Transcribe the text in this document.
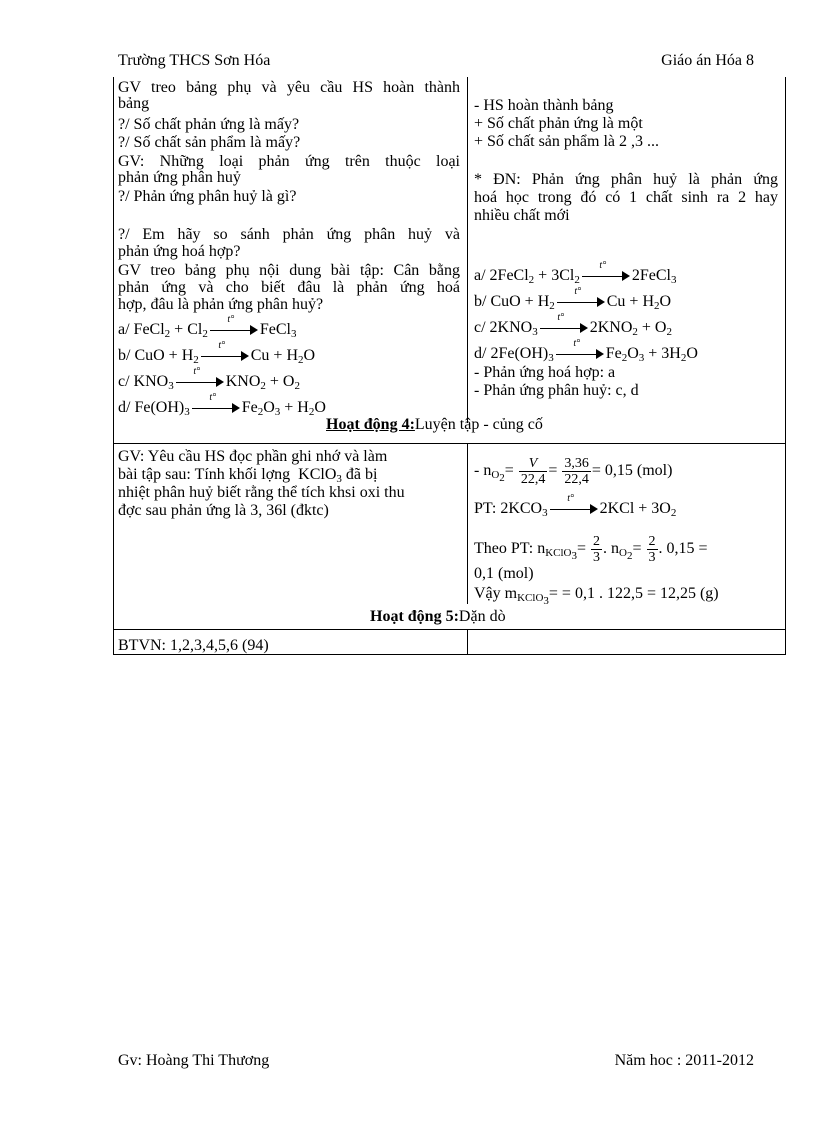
Trường THCS Sơn Hóa	Giáo án Hóa 8
GV treo bảng phụ và yêu cầu HS hoàn thành
bảng
?/ Số chất phản ứng là mấy?
?/ Số chất sản phẩm là mấy?
GV: Những loại phản ứng trên thuộc loại
phản ứng phân huỷ
?/ Phản ứng phân huỷ là gì?
?/ Em hãy so sánh phản ứng phân huỷ và
phản ứng hoá hợp?
GV treo bảng phụ nội dung bài tập: Cân bằng
phản ứng và cho biết đâu là phản ứng hoá
hợp, đâu là phản ứng phân huỷ?
a/ FeCl$_2$ + $Cl_2$
t°
FeCl$_3$
b/ CuO + $H_2$
t°
$Cu + H_2O$
c/ $KNO_3$
t°
$KNO_2 + O_2$
d/ $Fe(OH)_3$
t°
$Fe_2O_3 + H_2O$
- HS hoàn thành bảng
+ Số chất phản ứng là một
+ Số chất sản phẩm là 2 ,3 ...
* ĐN: Phản ứng phân huỷ là phản ứng
hoá học trong đó có 1 chất sinh ra 2 hay
nhiều chất mới
a/ 2FeCl$_2$ + $3Cl_2$
t°
2FeCl$_3$
b/ CuO + $H_2$
t°
$Cu + H_2O$
c/ $2KNO_3$
t°
$2KNO_2 + O_2$
d/ $2Fe(OH)_3$
t°
$Fe_2O_3 + 3H_2O$
- Phản ứng hoá hợp: a
- Phản ứng phân huỷ: c, d
Hoạt động 4:Luyện tập - củng cố
GV: Yêu cầu HS đọc phần ghi nhớ và làm
bài tập sau: Tính khối lợng KClO$_3$ đã bị
nhiệt phân huỷ biết rằng thể tích khsi oxi thu
đợc sau phản ứng là 3, 36l (đktc)
- $n_{O_2}= \frac{V}{22,4} = \frac{3,36}{22,4} = 0,15$ (mol)
PT: $2KCO_3$
t°
$2KCl + 3O_2$
Theo PT: $n_{KClO_3}= \frac{2}{3}$ . $n_{O_2}= \frac{2}{3}$ . 0,15 =
0,1 (mol)
Vậy $m_{KClO_3}= = 0,1$ . 122,5 = 12,25 (g)
Hoạt động 5:Dặn dò
BTVN: 1,2,3,4,5,6 (94)
Gv: Hoàng Thi Thương	Năm hoc : 2011-2012
